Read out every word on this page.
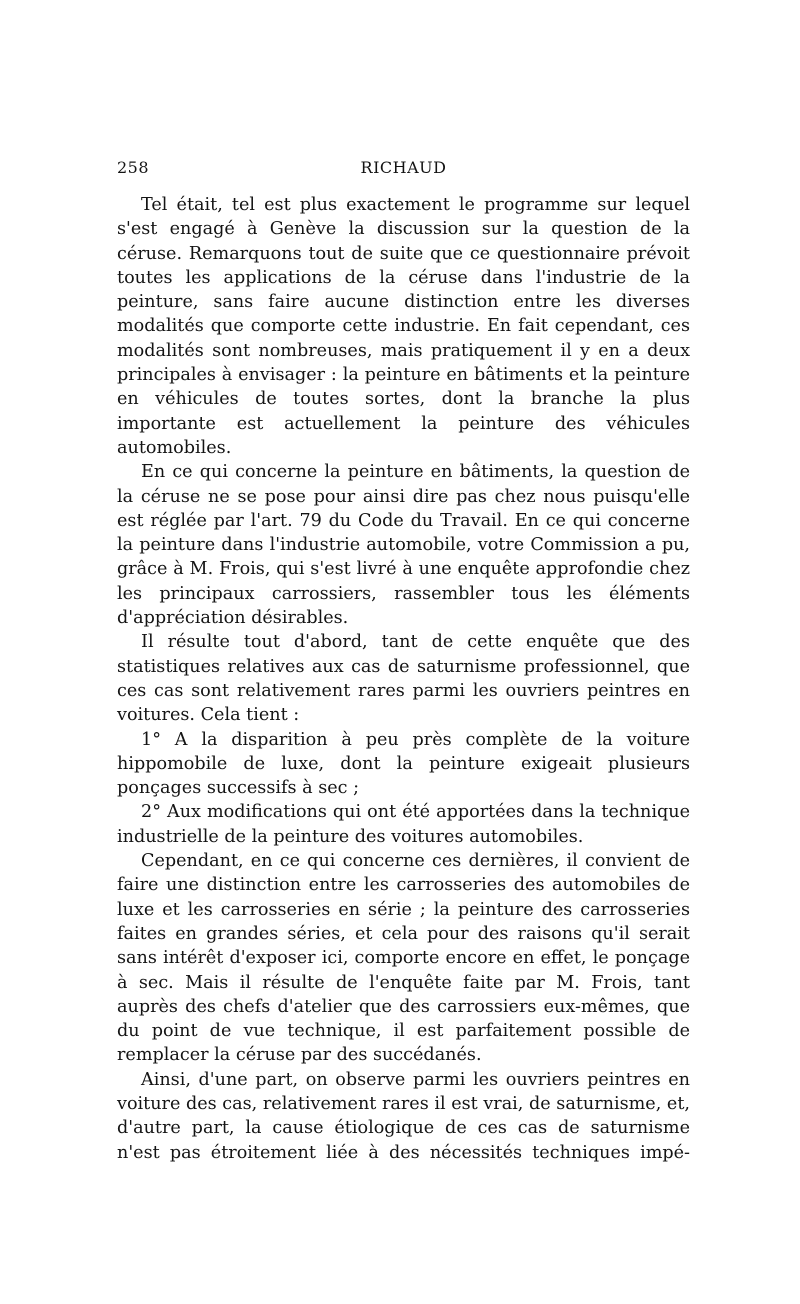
258	RICHAUD

Tel était, tel est plus exactement le programme sur lequel s'est engagé à Genève la discussion sur la question de la céruse. Remarquons tout de suite que ce questionnaire prévoit toutes les applications de la céruse dans l'industrie de la peinture, sans faire aucune distinction entre les diverses modalités que comporte cette industrie. En fait cependant, ces modalités sont nombreuses, mais pratiquement il y en a deux principales à envisager : la peinture en bâtiments et la peinture en véhicules de toutes sortes, dont la branche la plus importante est actuellement la peinture des véhicules automobiles.

En ce qui concerne la peinture en bâtiments, la question de la céruse ne se pose pour ainsi dire pas chez nous puisqu'elle est réglée par l'art. 79 du Code du Travail. En ce qui concerne la peinture dans l'industrie automobile, votre Commission a pu, grâce à M. Frois, qui s'est livré à une enquête approfondie chez les principaux carrossiers, rassembler tous les éléments d'appréciation désirables.

Il résulte tout d'abord, tant de cette enquête que des statistiques relatives aux cas de saturnisme professionnel, que ces cas sont relativement rares parmi les ouvriers peintres en voitures. Cela tient :

1° A la disparition à peu près complète de la voiture hippomobile de luxe, dont la peinture exigeait plusieurs ponçages successifs à sec ;

2° Aux modifications qui ont été apportées dans la technique industrielle de la peinture des voitures automobiles.

Cependant, en ce qui concerne ces dernières, il convient de faire une distinction entre les carrosseries des automobiles de luxe et les carrosseries en série ; la peinture des carrosseries faites en grandes séries, et cela pour des raisons qu'il serait sans intérêt d'exposer ici, comporte encore en effet, le ponçage à sec. Mais il résulte de l'enquête faite par M. Frois, tant auprès des chefs d'atelier que des carrossiers eux-mêmes, que du point de vue technique, il est parfaitement possible de remplacer la céruse par des succédanés.

Ainsi, d'une part, on observe parmi les ouvriers peintres en voiture des cas, relativement rares il est vrai, de saturnisme, et, d'autre part, la cause étiologique de ces cas de saturnisme n'est pas étroitement liée à des nécessités techniques impé-
